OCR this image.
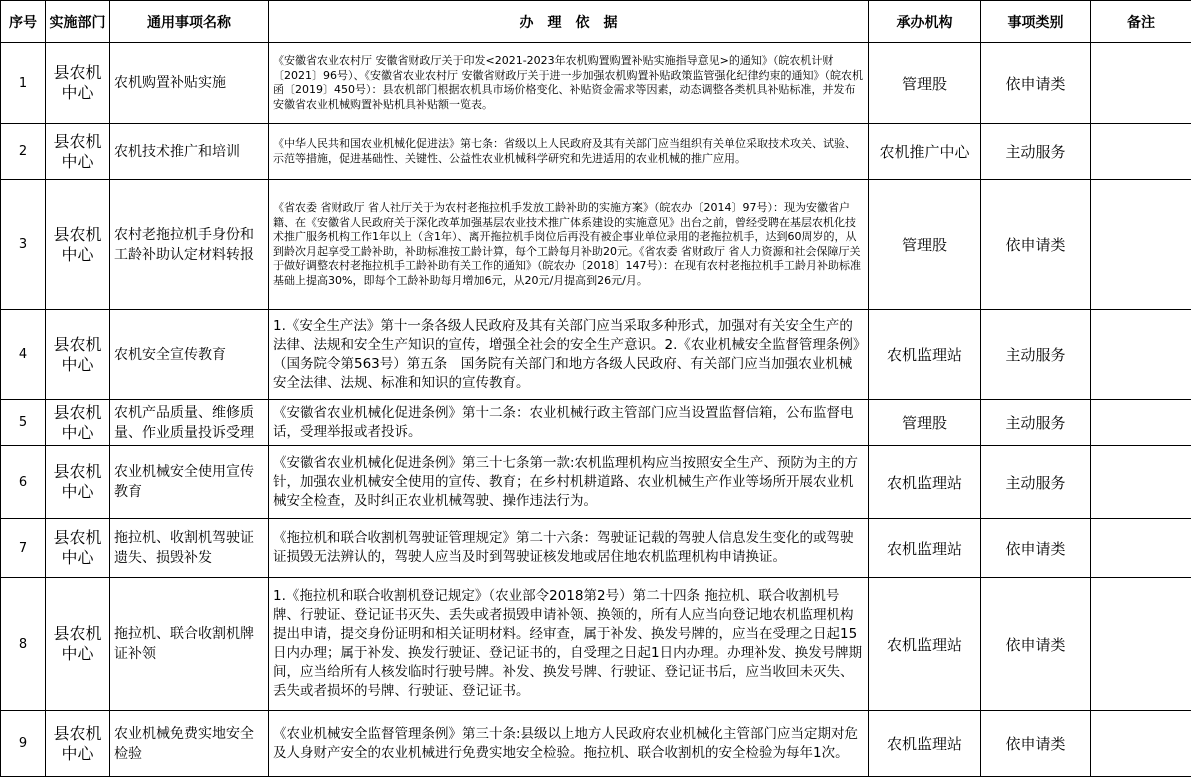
序号	实施部门	通用事项名称	办　理　依　据	承办机构	事项类别	备注
1	县农机中心	农机购置补贴实施	《安徽省农业农村厅 安徽省财政厅关于印发<2021-2023年农机购置购置补贴实施指导意见>的通知》（皖农机计财〔2021〕96号）、《安徽省农业农村厅 安徽省财政厅关于进一步加强农机购置补贴政策监管强化纪律约束的通知》（皖农机函〔2019〕450号）：县农机部门根据农机具市场价格变化、补贴资金需求等因素，动态调整各类机具补贴标准，并发布安徽省农业机械购置补贴机具补贴额一览表。	管理股	依申请类	
2	县农机中心	农机技术推广和培训	《中华人民共和国农业机械化促进法》第七条：省级以上人民政府及其有关部门应当组织有关单位采取技术攻关、试验、示范等措施，促进基础性、关键性、公益性农业机械科学研究和先进适用的农业机械的推广应用。	农机推广中心	主动服务	
3	县农机中心	农村老拖拉机手身份和工龄补助认定材料转报	《省农委 省财政厅 省人社厅关于为农村老拖拉机手发放工龄补助的实施方案》（皖农办〔2014〕97号）：现为安徽省户籍、在《安徽省人民政府关于深化改革加强基层农业技术推广体系建设的实施意见》出台之前，曾经受聘在基层农机化技术推广服务机构工作1年以上（含1年）、离开拖拉机手岗位后再没有被企事业单位录用的老拖拉机手，达到60周岁的，从到龄次月起享受工龄补助，补助标准按工龄计算，每个工龄每月补助20元。《省农委 省财政厅 省人力资源和社会保障厅关于做好调整农村老拖拉机手工龄补助有关工作的通知》（皖农办〔2018〕147号）：在现有农村老拖拉机手工龄月补助标准基础上提高30%，即每个工龄补助每月增加6元，从20元/月提高到26元/月。	管理股	依申请类	
4	县农机中心	农机安全宣传教育	1.《安全生产法》第十一条各级人民政府及其有关部门应当采取多种形式，加强对有关安全生产的法律、法规和安全生产知识的宣传，增强全社会的安全生产意识。2.《农业机械安全监督管理条例》（国务院令第563号）第五条　国务院有关部门和地方各级人民政府、有关部门应当加强农业机械安全法律、法规、标准和知识的宣传教育。	农机监理站	主动服务	
5	县农机中心	农机产品质量、维修质量、作业质量投诉受理	《安徽省农业机械化促进条例》第十二条：农业机械行政主管部门应当设置监督信箱，公布监督电话，受理举报或者投诉。	管理股	主动服务	
6	县农机中心	农业机械安全使用宣传教育	《安徽省农业机械化促进条例》第三十七条第一款:农机监理机构应当按照安全生产、预防为主的方针，加强农业机械安全使用的宣传、教育；在乡村机耕道路、农业机械生产作业等场所开展农业机械安全检查，及时纠正农业机械驾驶、操作违法行为。	农机监理站	主动服务	
7	县农机中心	拖拉机、收割机驾驶证遗失、损毁补发	《拖拉机和联合收割机驾驶证管理规定》第二十六条：驾驶证记载的驾驶人信息发生变化的或驾驶证损毁无法辨认的，驾驶人应当及时到驾驶证核发地或居住地农机监理机构申请换证。	农机监理站	依申请类	
8	县农机中心	拖拉机、联合收割机牌证补领	1.《拖拉机和联合收割机登记规定》（农业部令2018第2号）第二十四条 拖拉机、联合收割机号牌、行驶证、登记证书灭失、丢失或者损毁申请补领、换领的，所有人应当向登记地农机监理机构提出申请，提交身份证明和相关证明材料。经审查，属于补发、换发号牌的，应当在受理之日起15日内办理；属于补发、换发行驶证、登记证书的，自受理之日起1日内办理。办理补发、换发号牌期间，应当给所有人核发临时行驶号牌。补发、换发号牌、行驶证、登记证书后，应当收回未灭失、丢失或者损坏的号牌、行驶证、登记证书。	农机监理站	依申请类	
9	县农机中心	农业机械免费实地安全检验	《农业机械安全监督管理条例》第三十条:县级以上地方人民政府农业机械化主管部门应当定期对危及人身财产安全的农业机械进行免费实地安全检验。拖拉机、联合收割机的安全检验为每年1次。	农机监理站	依申请类	
